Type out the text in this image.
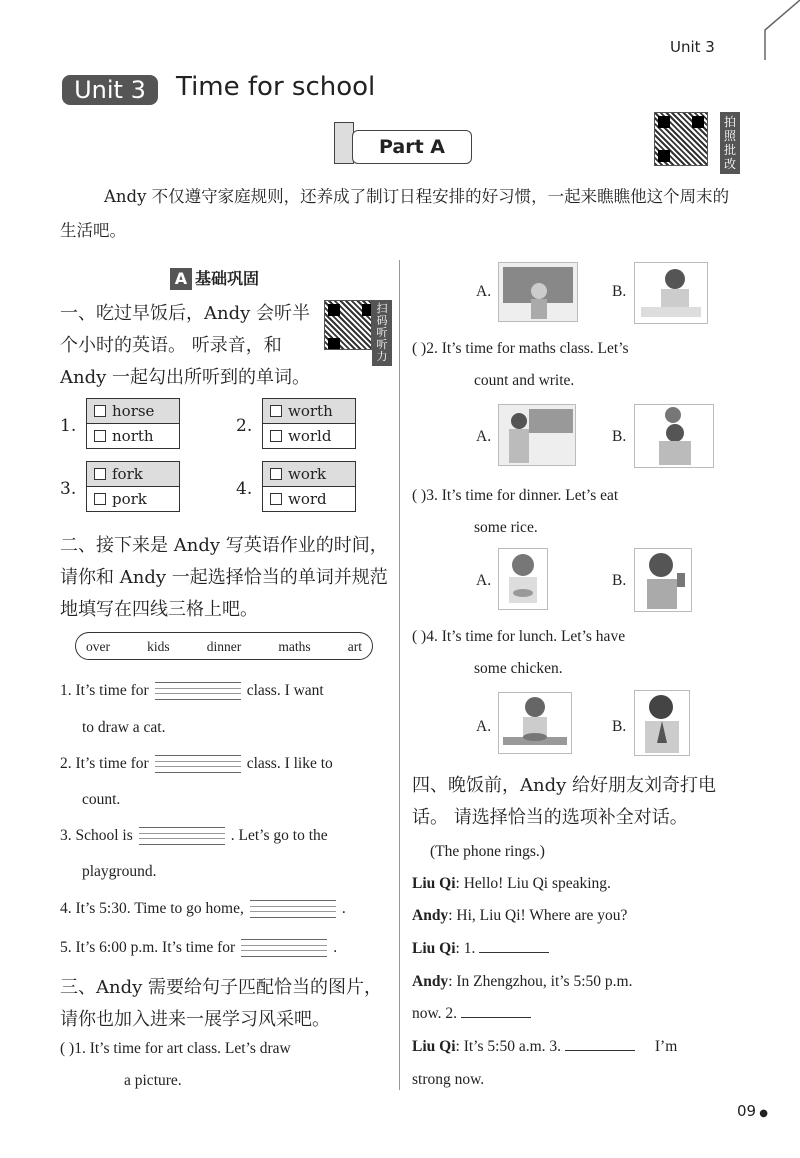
Unit 3
Unit 3	Time for school
Part A
拍照批改
Andy 不仅遵守家庭规则，还养成了制订日程安排的好习惯，一起来瞧瞧他这个周末的生活吧。
A 基础巩固
一、吃过早饭后，Andy 会听半个小时的英语。 听录音，和 Andy 一起勾出所听到的单词。
扫码听听力
1.
horse
north	2.
worth
world
3.
fork
pork	4.
work
word
二、接下来是 Andy 写英语作业的时间，请你和 Andy 一起选择恰当的单词并规范地填写在四线三格上吧。
over	kids	dinner	maths	art
1. It’s time for	class. I want
to draw a cat.
2. It’s time for	class. I like to
count.
3. School is	. Let’s go to the
playground.
4. It’s 5:30. Time to go home,	.
5. It’s 6:00 p.m. It’s time for	.
三、Andy 需要给句子匹配恰当的图片，请你也加入进来一展学习风采吧。
( )1. It’s time for art class. Let’s draw
a picture.
A.	B.
( )2. It’s time for maths class. Let’s
count and write.
A.	B.
( )3. It’s time for dinner. Let’s eat
some rice.
A.	B.
( )4. It’s time for lunch. Let’s have
some chicken.
A.	B.
四、晚饭前，Andy 给好朋友刘奇打电话。 请选择恰当的选项补全对话。
(The phone rings.)
Liu Qi: Hello! Liu Qi speaking.
Andy: Hi, Liu Qi! Where are you?
Liu Qi: 1.
Andy: In Zhengzhou, it’s 5:50 p.m.
now. 2.
Liu Qi: It’s 5:50 a.m. 3.	I’m
strong now.
09 ●
